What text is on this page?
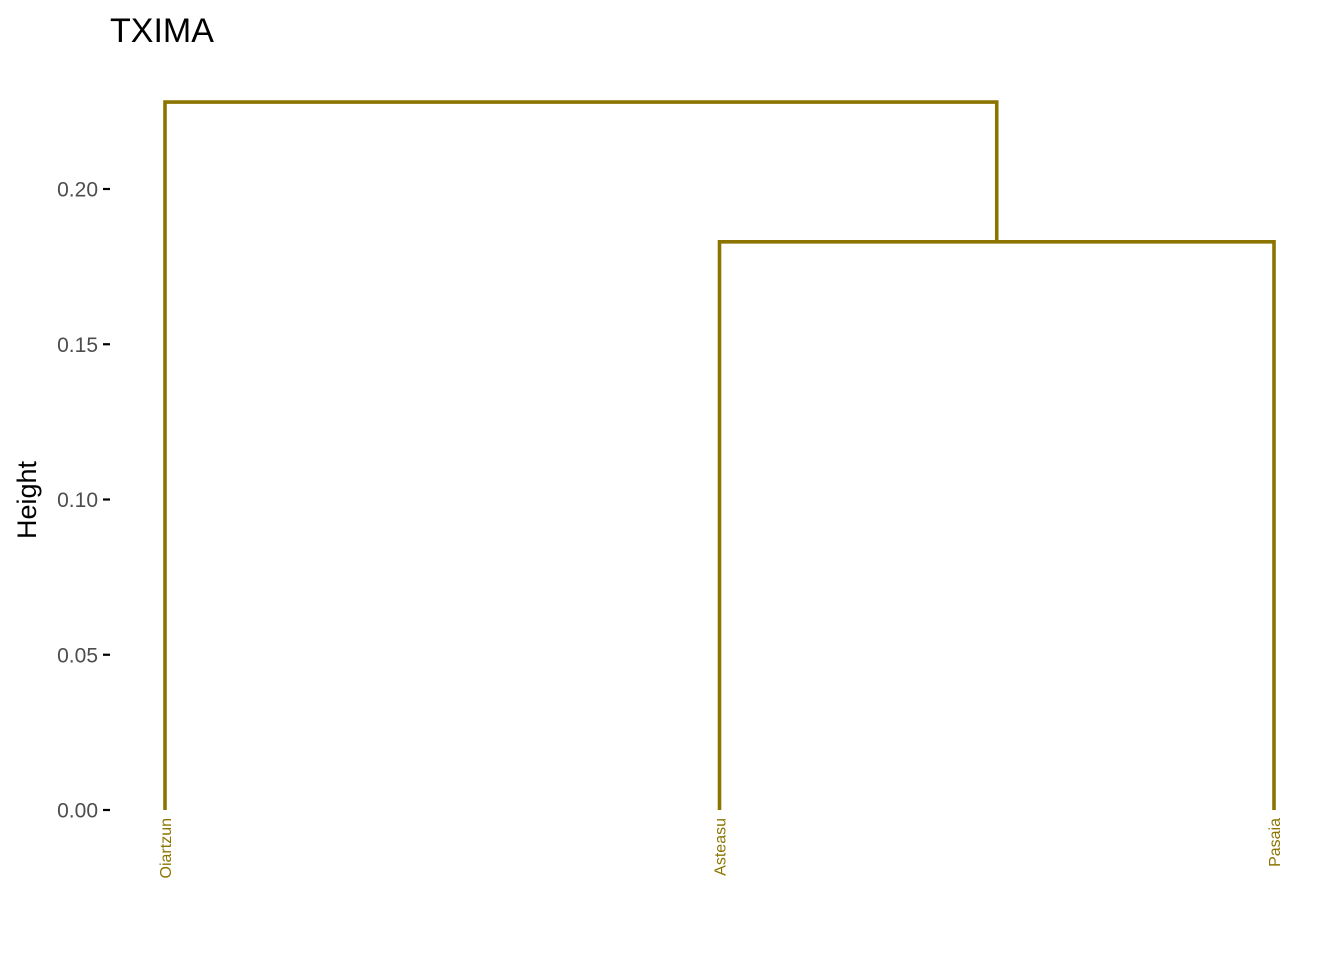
TXIMA
Height
0.00
0.05
0.10
0.15
0.20
Oiartzun	Asteasu	Pasaia
